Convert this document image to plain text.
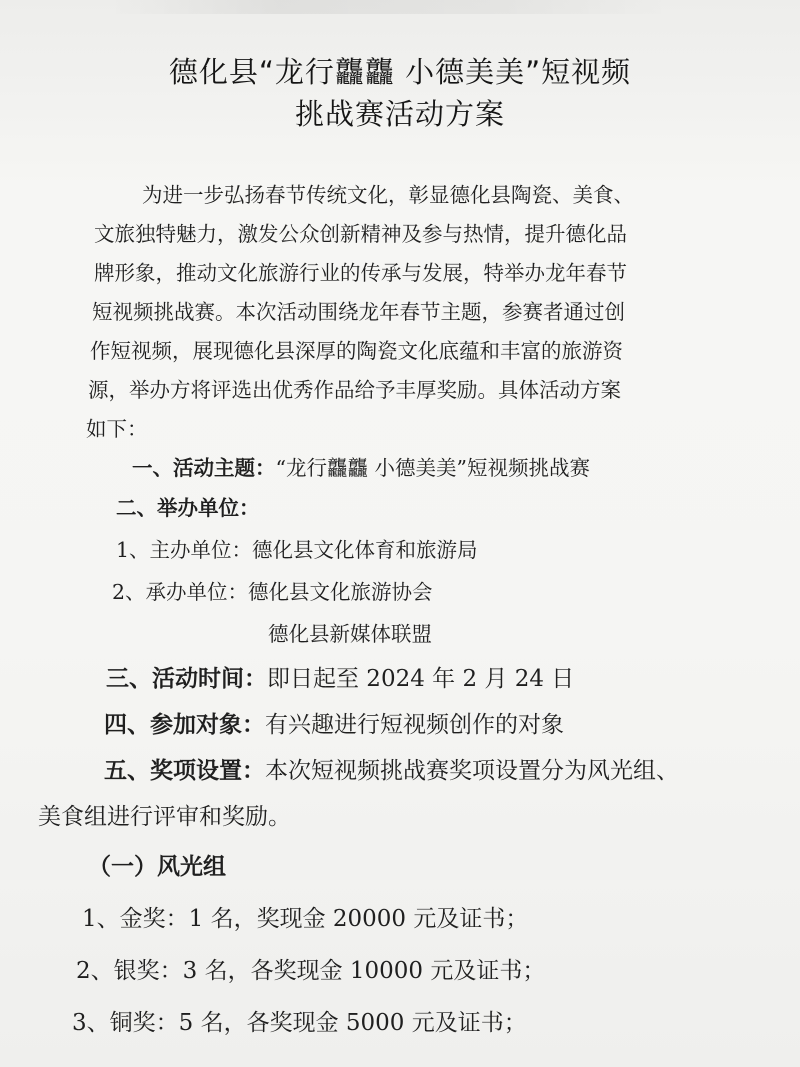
德化县“龙行龘龘 小德美美”短视频
挑战赛活动方案
为进一步弘扬春节传统文化，彰显德化县陶瓷、美食、
文旅独特魅力，激发公众创新精神及参与热情，提升德化品
牌形象，推动文化旅游行业的传承与发展，特举办龙年春节
短视频挑战赛。本次活动围绕龙年春节主题，参赛者通过创
作短视频，展现德化县深厚的陶瓷文化底蕴和丰富的旅游资
源，举办方将评选出优秀作品给予丰厚奖励。具体活动方案
如下：
一、活动主题：“龙行龘龘 小德美美”短视频挑战赛
二、举办单位：
1、主办单位：德化县文化体育和旅游局
2、承办单位：德化县文化旅游协会
德化县新媒体联盟
三、活动时间：即日起至 2024 年 2 月 24 日
四、参加对象：有兴趣进行短视频创作的对象
五、奖项设置：本次短视频挑战赛奖项设置分为风光组、
美食组进行评审和奖励。
（一）风光组
1、金奖：1 名，奖现金 20000 元及证书；
2、银奖：3 名，各奖现金 10000 元及证书；
3、铜奖：5 名，各奖现金 5000 元及证书；
